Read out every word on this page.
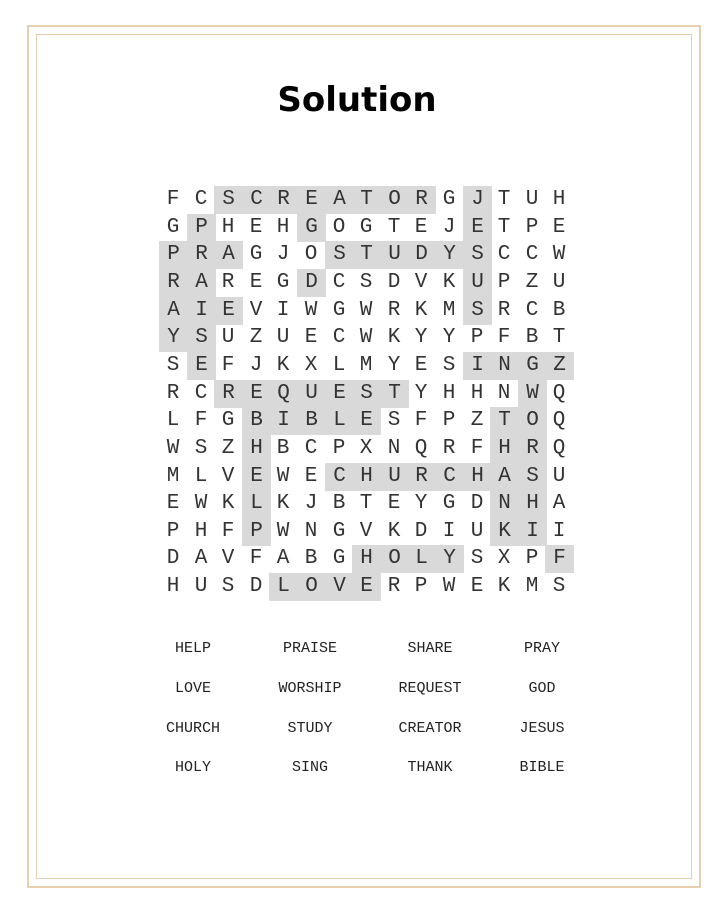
Solution
F C S C R E A T O R G J T U H
G P H E H G O G T E J E T P E
P R A G J O S T U D Y S C C W
R A R E G D C S D V K U P Z U
A I E V I W G W R K M S R C B
Y S U Z U E C W K Y Y P F B T
S E F J K X L M Y E S I N G Z
R C R E Q U E S T Y H H N W Q
L F G B I B L E S F P Z T O Q
W S Z H B C P X N Q R F H R Q
M L V E W E C H U R C H A S U
E W K L K J B T E Y G D N H A
P H F P W N G V K D I U K I I
D A V F A B G H O L Y S X P F
H U S D L O V E R P W E K M S
HELP	PRAISE	SHARE	PRAY
LOVE	WORSHIP	REQUEST	GOD
CHURCH	STUDY	CREATOR	JESUS
HOLY	SING	THANK	BIBLE
